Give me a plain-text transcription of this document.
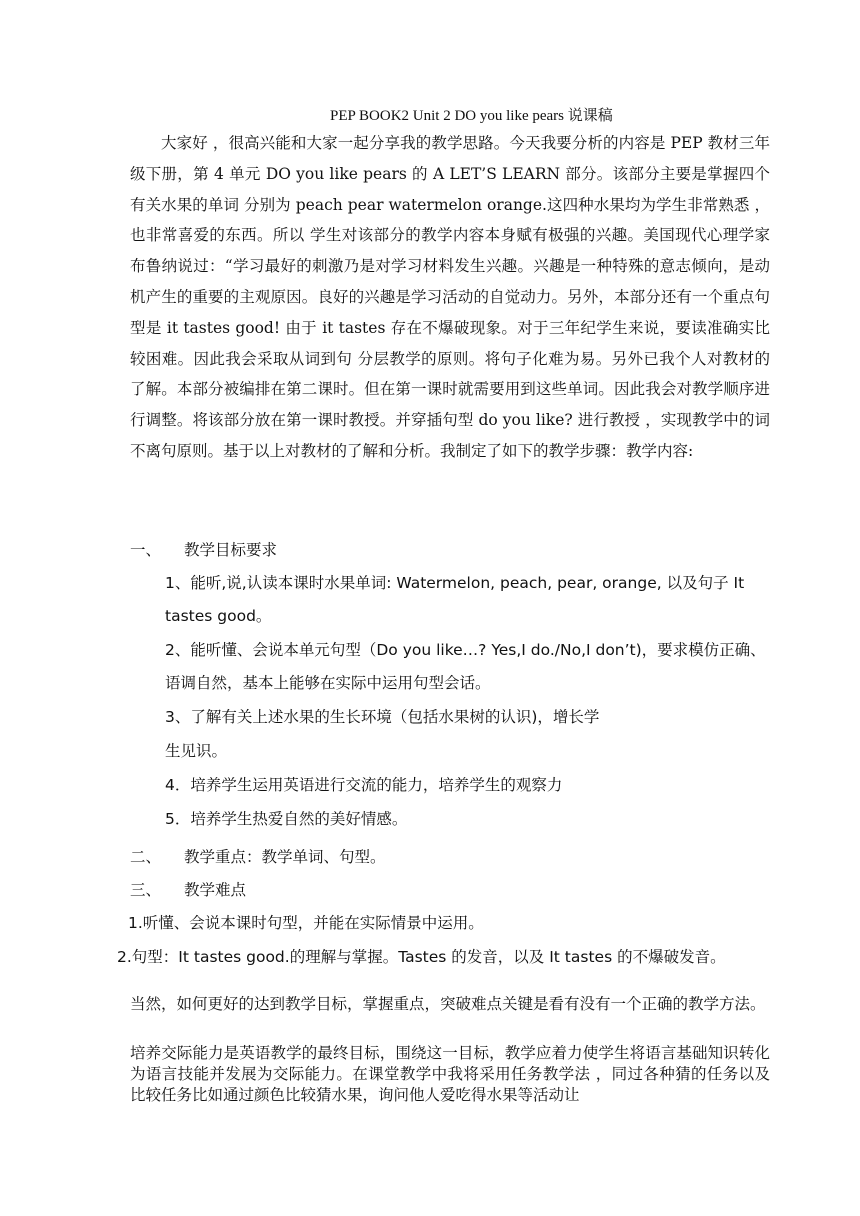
PEP BOOK2 Unit 2 DO you like pears 说课稿
大家好 ，很高兴能和大家一起分享我的教学思路。今天我要分析的内容是 PEP 教材三年级下册，第 4 单元 DO you like pears 的 A LET’S LEARN 部分。该部分主要是掌握四个 有关水果的单词 分别为 peach pear watermelon orange.这四种水果均为学生非常熟悉 ，也非常喜爱的东西。所以 学生对该部分的教学内容本身赋有极强的兴趣。美国现代心理学家布鲁纳说过：“学习最好的刺激乃是对学习材料发生兴趣。兴趣是一种特殊的意志倾向，是动机产生的重要的主观原因。良好的兴趣是学习活动的自觉动力。另外，本部分还有一个重点句型是 it tastes good! 由于 it tastes 存在不爆破现象。对于三年纪学生来说，要读准确实比较困难。因此我会采取从词到句 分层教学的原则。将句子化难为易。另外已我个人对教材的了解。本部分被编排在第二课时。但在第一课时就需要用到这些单词。因此我会对教学顺序进行调整。将该部分放在第一课时教授。并穿插句型 do you like? 进行教授 ，实现教学中的词不离句原则。基于以上对教材的了解和分析。我制定了如下的教学步骤：教学内容:
一、 教学目标要求
1、能听,说,认读本课时水果单词: Watermelon, peach, pear, orange, 以及句子 It tastes good。
2、能听懂、会说本单元句型（Do you like…? Yes,I do./No,I don’t)，要求模仿正确、语调自然，基本上能够在实际中运用句型会话。
3、了解有关上述水果的生长环境（包括水果树的认识)，增长学
生见识。
4．培养学生运用英语进行交流的能力，培养学生的观察力
5．培养学生热爱自然的美好情感。
二、 教学重点：教学单词、句型。
三、 教学难点
1.听懂、会说本课时句型，并能在实际情景中运用。
2.句型：It tastes good.的理解与掌握。Tastes 的发音，以及 It tastes 的不爆破发音。
当然，如何更好的达到教学目标，掌握重点，突破难点关键是看有没有一个正确的教学方法。
培养交际能力是英语教学的最终目标，围绕这一目标，教学应着力使学生将语言基础知识转化为语言技能并发展为交际能力。在课堂教学中我将采用任务教学法 ，同过各种猜的任务以及比较任务比如通过颜色比较猜水果，询问他人爱吃得水果等活动让
